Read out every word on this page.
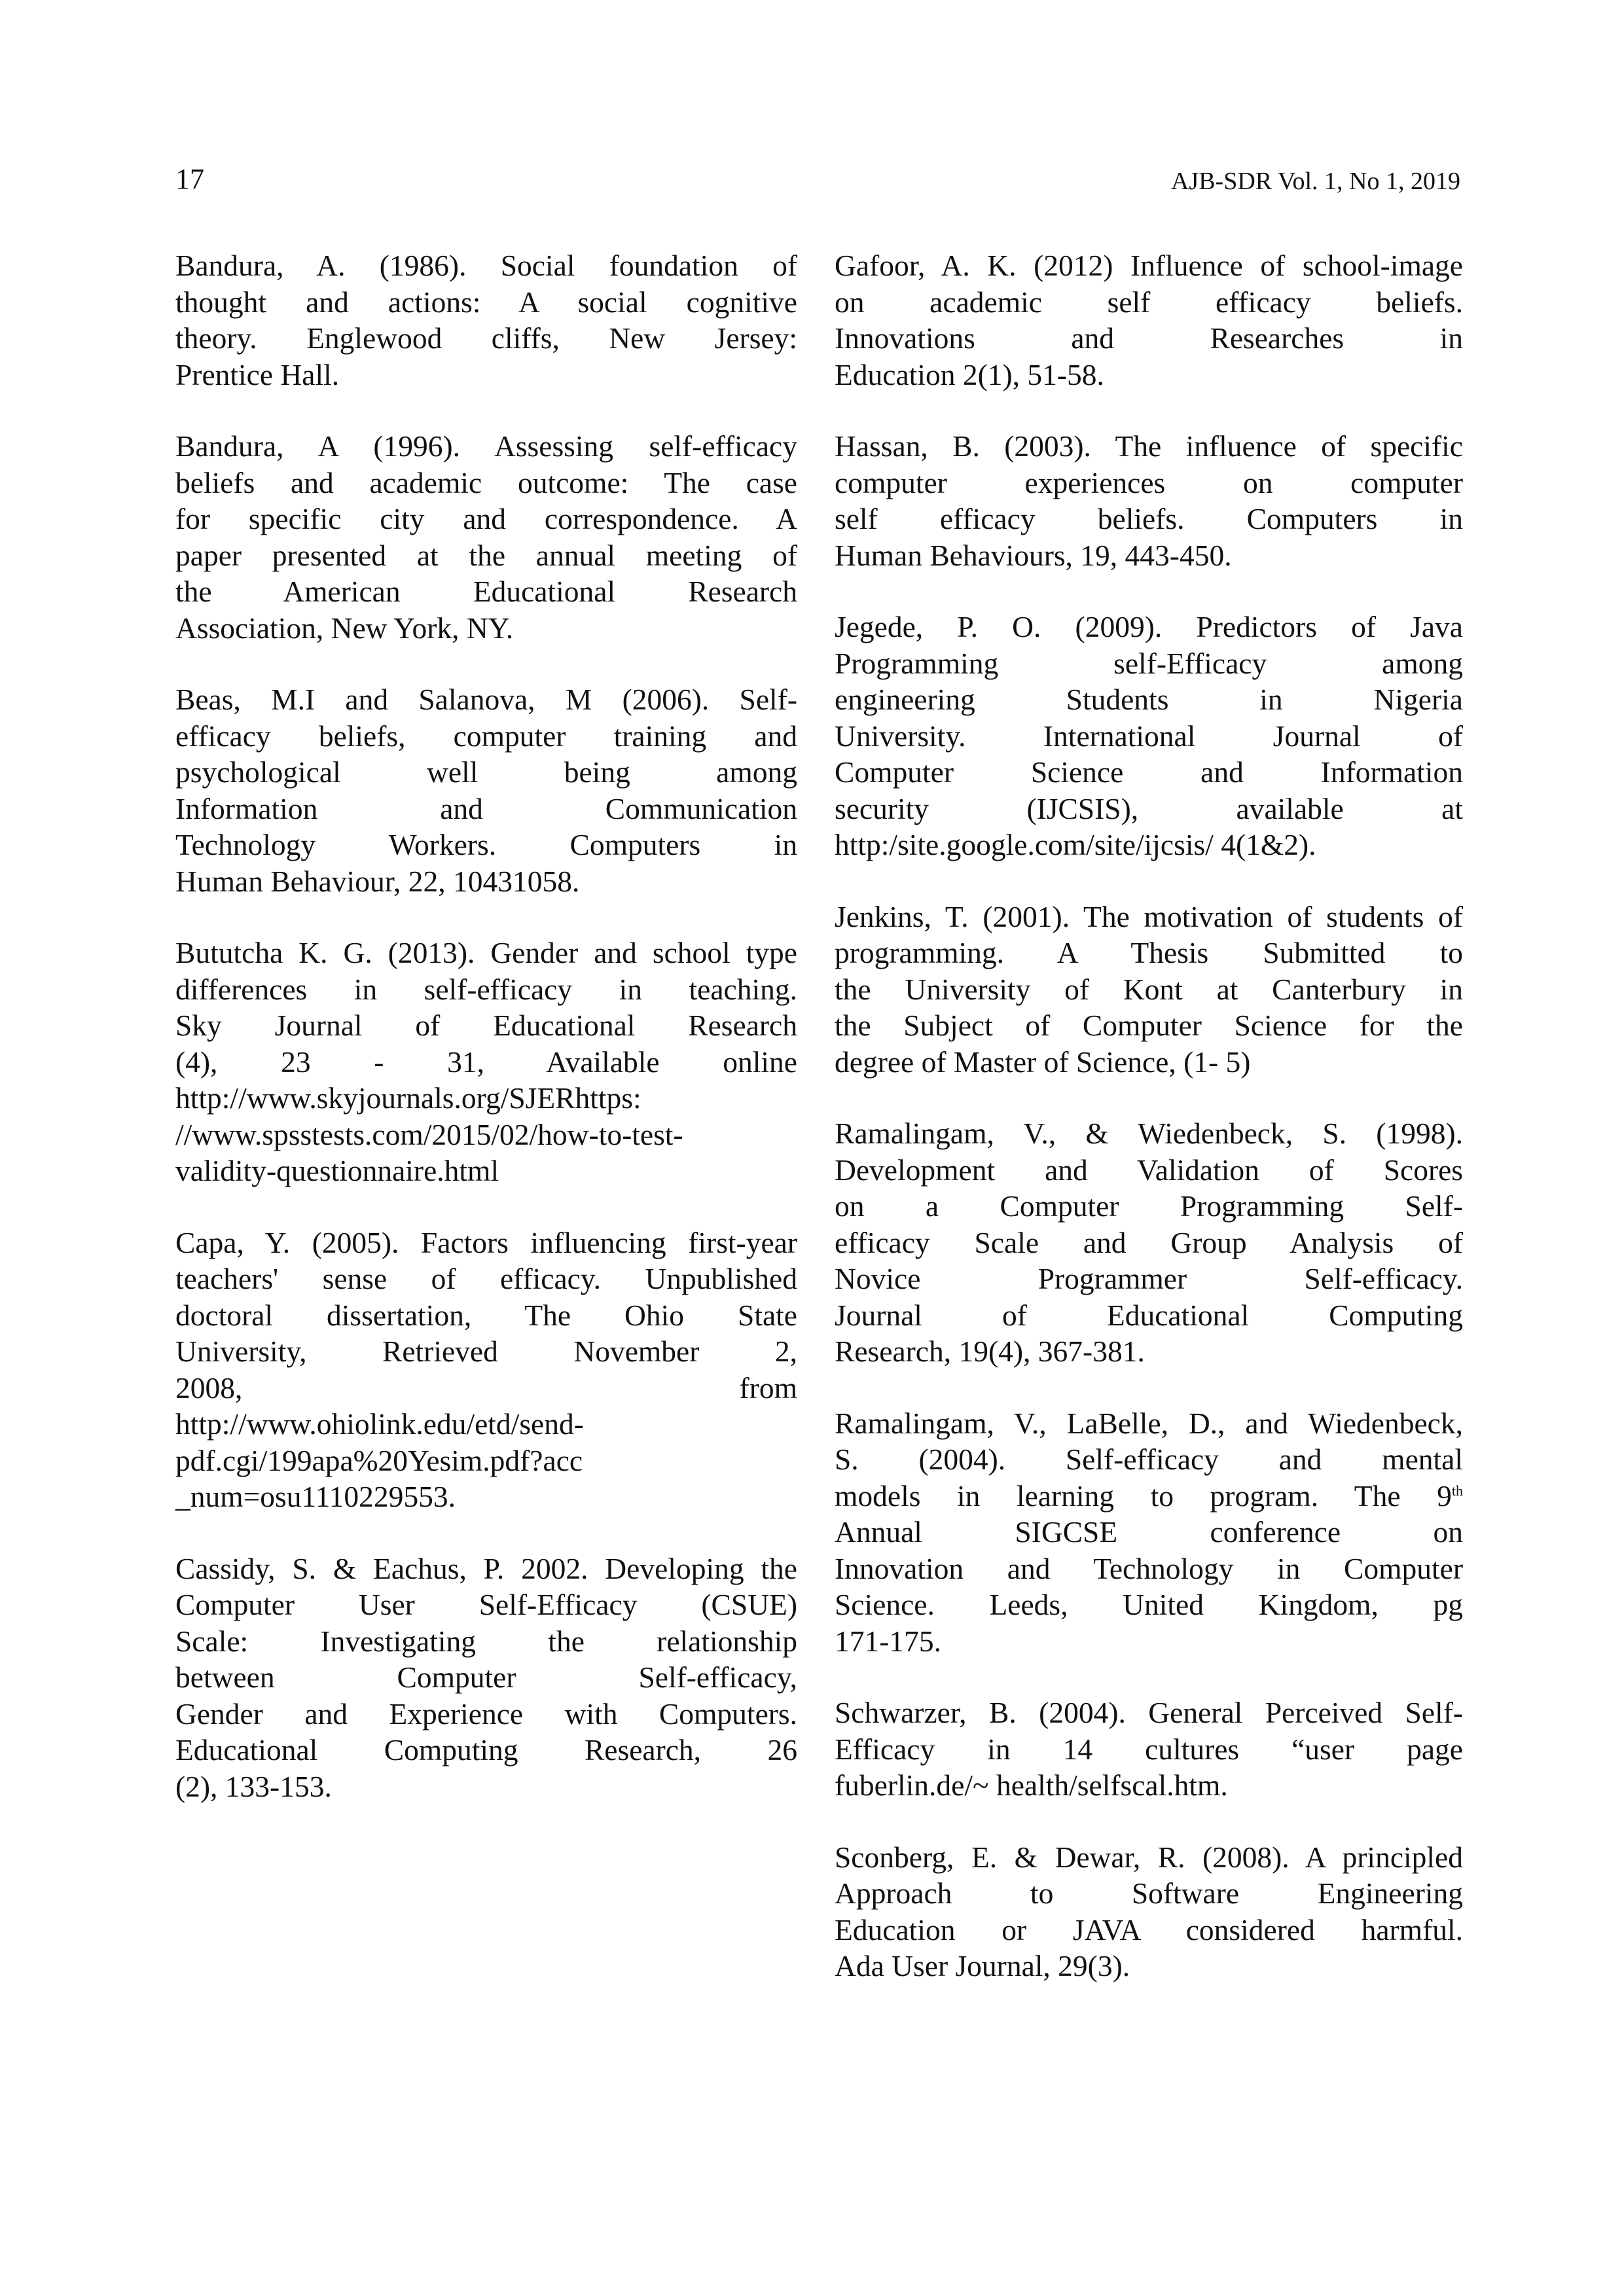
17	AJB-SDR Vol. 1, No 1, 2019

Bandura, A. (1986). Social foundation of
thought and actions: A social cognitive
theory. Englewood cliffs, New Jersey:
Prentice Hall.

Bandura, A (1996). Assessing self-efficacy
beliefs and academic outcome: The case
for specific city and correspondence. A
paper presented at the annual meeting of
the American Educational Research
Association, New York, NY.

Beas, M.I and Salanova, M (2006). Self-
efficacy beliefs, computer training and
psychological well being among
Information and Communication
Technology Workers. Computers in
Human Behaviour, 22, 10431058.

Bututcha K. G. (2013). Gender and school type
differences in self-efficacy in teaching.
Sky Journal of Educational Research
(4), 23 - 31, Available online
http://www.skyjournals.org/SJERhttps:
//www.spsstests.com/2015/02/how-to-test-
validity-questionnaire.html

Capa, Y. (2005). Factors influencing first-year
teachers' sense of efficacy. Unpublished
doctoral dissertation, The Ohio State
University, Retrieved November 2,
2008, from
http://www.ohiolink.edu/etd/send-
pdf.cgi/199apa%20Yesim.pdf?acc
_num=osu1110229553.

Cassidy, S. & Eachus, P. 2002. Developing the
Computer User Self-Efficacy (CSUE)
Scale: Investigating the relationship
between Computer Self-efficacy,
Gender and Experience with Computers.
Educational Computing Research, 26
(2), 133-153.

Gafoor, A. K. (2012) Influence of school-image
on academic self efficacy beliefs.
Innovations and Researches in
Education 2(1), 51-58.

Hassan, B. (2003). The influence of specific
computer experiences on computer
self efficacy beliefs. Computers in
Human Behaviours, 19, 443-450.

Jegede, P. O. (2009). Predictors of Java
Programming self-Efficacy among
engineering Students in Nigeria
University. International Journal of
Computer Science and Information
security (IJCSIS), available at
http:/site.google.com/site/ijcsis/ 4(1&2).

Jenkins, T. (2001). The motivation of students of
programming. A Thesis Submitted to
the University of Kont at Canterbury in
the Subject of Computer Science for the
degree of Master of Science, (1- 5)

Ramalingam, V., & Wiedenbeck, S. (1998).
Development and Validation of Scores
on a Computer Programming Self-
efficacy Scale and Group Analysis of
Novice Programmer Self-efficacy.
Journal of Educational Computing
Research, 19(4), 367-381.

Ramalingam, V., LaBelle, D., and Wiedenbeck,
S. (2004). Self-efficacy and mental
models in learning to program. The 9th
Annual SIGCSE conference on
Innovation and Technology in Computer
Science. Leeds, United Kingdom, pg
171-175.

Schwarzer, B. (2004). General Perceived Self-
Efficacy in 14 cultures “user page
fuberlin.de/~ health/selfscal.htm.

Sconberg, E. & Dewar, R. (2008). A principled
Approach to Software Engineering
Education or JAVA considered harmful.
Ada User Journal, 29(3).
